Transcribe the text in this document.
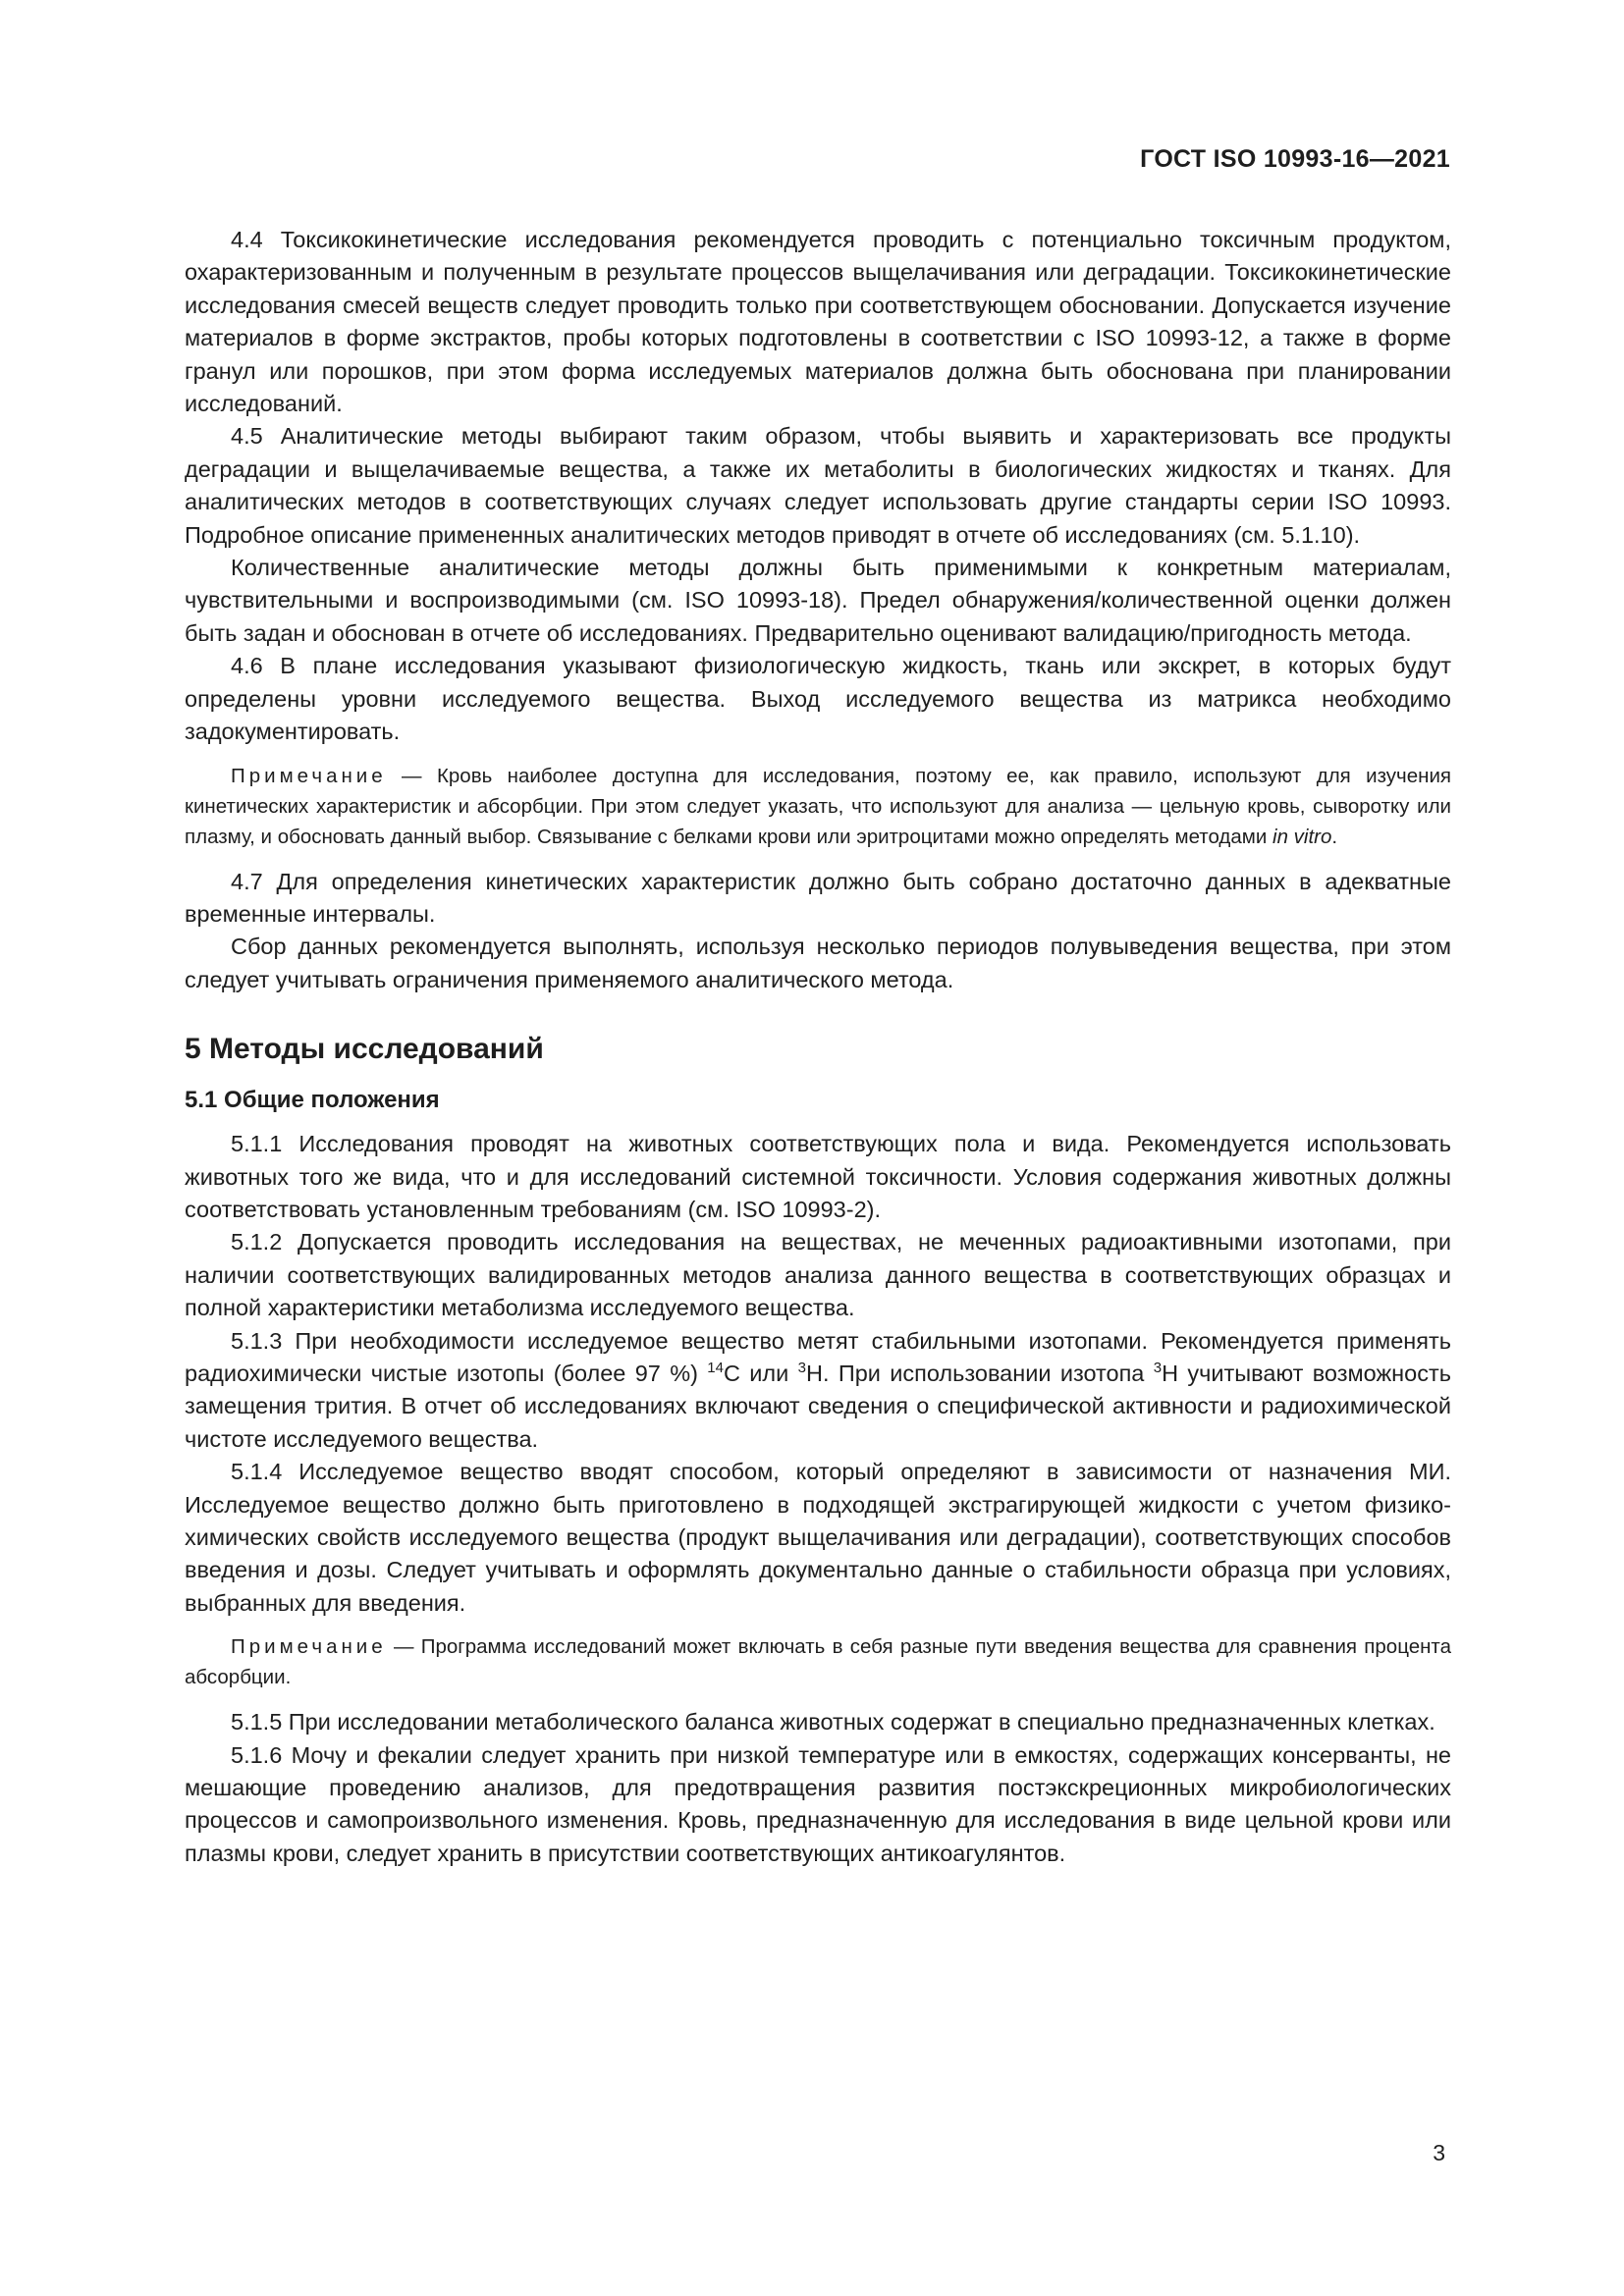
ГОСТ ISO 10993-16—2021

4.4 Токсикокинетические исследования рекомендуется проводить с потенциально токсичным продуктом, охарактеризованным и полученным в результате процессов выщелачивания или деградации. Токсикокинетические исследования смесей веществ следует проводить только при соответствующем обосновании. Допускается изучение материалов в форме экстрактов, пробы которых подготовлены в соответствии с ISO 10993-12, а также в форме гранул или порошков, при этом форма исследуемых материалов должна быть обоснована при планировании исследований.

4.5 Аналитические методы выбирают таким образом, чтобы выявить и характеризовать все продукты деградации и выщелачиваемые вещества, а также их метаболиты в биологических жидкостях и тканях. Для аналитических методов в соответствующих случаях следует использовать другие стандарты серии ISO 10993. Подробное описание примененных аналитических методов приводят в отчете об исследованиях (см. 5.1.10).

Количественные аналитические методы должны быть применимыми к конкретным материалам, чувствительными и воспроизводимыми (см. ISO 10993-18). Предел обнаружения/количественной оценки должен быть задан и обоснован в отчете об исследованиях. Предварительно оценивают валидацию/пригодность метода.

4.6 В плане исследования указывают физиологическую жидкость, ткань или экскрет, в которых будут определены уровни исследуемого вещества. Выход исследуемого вещества из матрикса необходимо задокументировать.

Примечание — Кровь наиболее доступна для исследования, поэтому ее, как правило, используют для изучения кинетических характеристик и абсорбции. При этом следует указать, что используют для анализа — цельную кровь, сыворотку или плазму, и обосновать данный выбор. Связывание с белками крови или эритроцитами можно определять методами in vitro.

4.7 Для определения кинетических характеристик должно быть собрано достаточно данных в адекватные временные интервалы.

Сбор данных рекомендуется выполнять, используя несколько периодов полувыведения вещества, при этом следует учитывать ограничения применяемого аналитического метода.

5 Методы исследований
5.1 Общие положения

5.1.1 Исследования проводят на животных соответствующих пола и вида. Рекомендуется использовать животных того же вида, что и для исследований системной токсичности. Условия содержания животных должны соответствовать установленным требованиям (см. ISO 10993-2).

5.1.2 Допускается проводить исследования на веществах, не меченных радиоактивными изотопами, при наличии соответствующих валидированных методов анализа данного вещества в соответствующих образцах и полной характеристики метаболизма исследуемого вещества.

5.1.3 При необходимости исследуемое вещество метят стабильными изотопами. Рекомендуется применять радиохимически чистые изотопы (более 97 %) $^{14}$C или $^3$H. При использовании изотопа $^3$H учитывают возможность замещения трития. В отчет об исследованиях включают сведения о специфической активности и радиохимической чистоте исследуемого вещества.

5.1.4 Исследуемое вещество вводят способом, который определяют в зависимости от назначения МИ. Исследуемое вещество должно быть приготовлено в подходящей экстрагирующей жидкости с учетом физико-химических свойств исследуемого вещества (продукт выщелачивания или деградации), соответствующих способов введения и дозы. Следует учитывать и оформлять документально данные о стабильности образца при условиях, выбранных для введения.

Примечание — Программа исследований может включать в себя разные пути введения вещества для сравнения процента абсорбции.

5.1.5 При исследовании метаболического баланса животных содержат в специально предназначенных клетках.

5.1.6 Мочу и фекалии следует хранить при низкой температуре или в емкостях, содержащих консерванты, не мешающие проведению анализов, для предотвращения развития постэкскреционных микробиологических процессов и самопроизвольного изменения. Кровь, предназначенную для исследования в виде цельной крови или плазмы крови, следует хранить в присутствии соответствующих антикоагулянтов.

3
